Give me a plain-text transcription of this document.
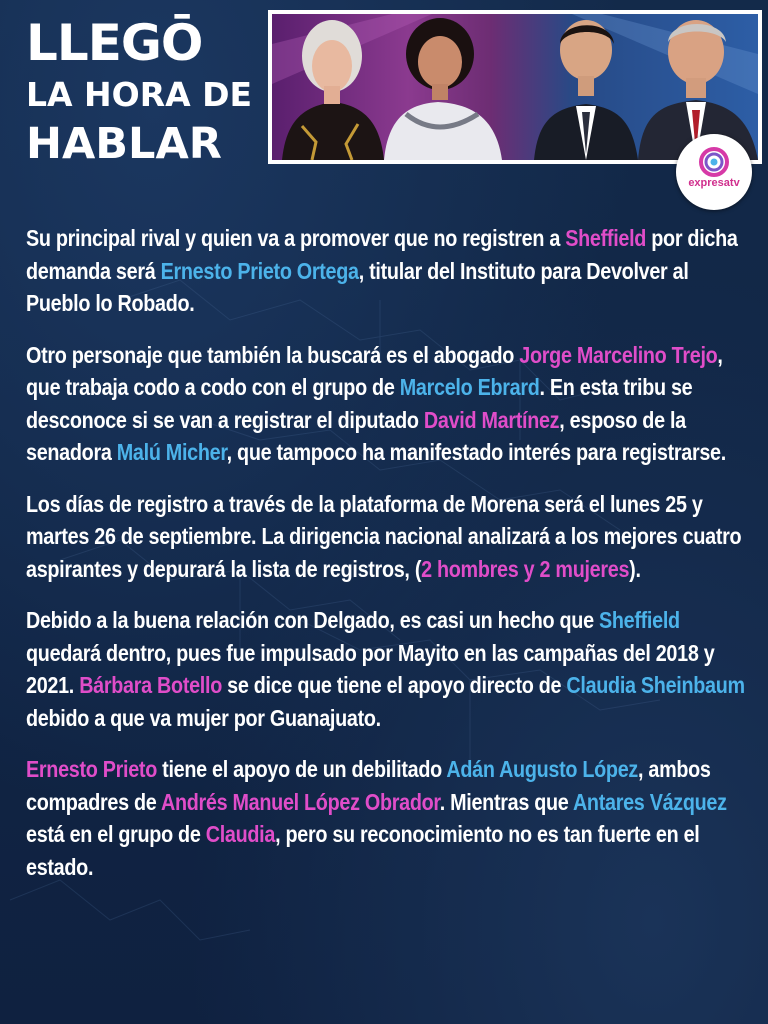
LLEGŌ
LA HORA DE
HABLAR
expresatv

Su principal rival y quien va a promover que no registren a Sheffield por dicha demanda será Ernesto Prieto Ortega, titular del Instituto para Devolver al Pueblo lo Robado.

Otro personaje que también la buscará es el abogado Jorge Marcelino Trejo, que trabaja codo a codo con el grupo de Marcelo Ebrard. En esta tribu se desconoce si se van a registrar el diputado David Martínez, esposo de la senadora Malú Micher, que tampoco ha manifestado interés para registrarse.

Los días de registro a través de la plataforma de Morena será el lunes 25 y martes 26 de septiembre. La dirigencia nacional analizará a los mejores cuatro aspirantes y depurará la lista de registros, (2 hombres y 2 mujeres).

Debido a la buena relación con Delgado, es casi un hecho que Sheffield quedará dentro, pues fue impulsado por Mayito en las campañas del 2018 y 2021. Bárbara Botello se dice que tiene el apoyo directo de Claudia Sheinbaum debido a que va mujer por Guanajuato.

Ernesto Prieto tiene el apoyo de un debilitado Adán Augusto López, ambos compadres de Andrés Manuel López Obrador. Mientras que Antares Vázquez está en el grupo de Claudia, pero su reconocimiento no es tan fuerte en el estado.
